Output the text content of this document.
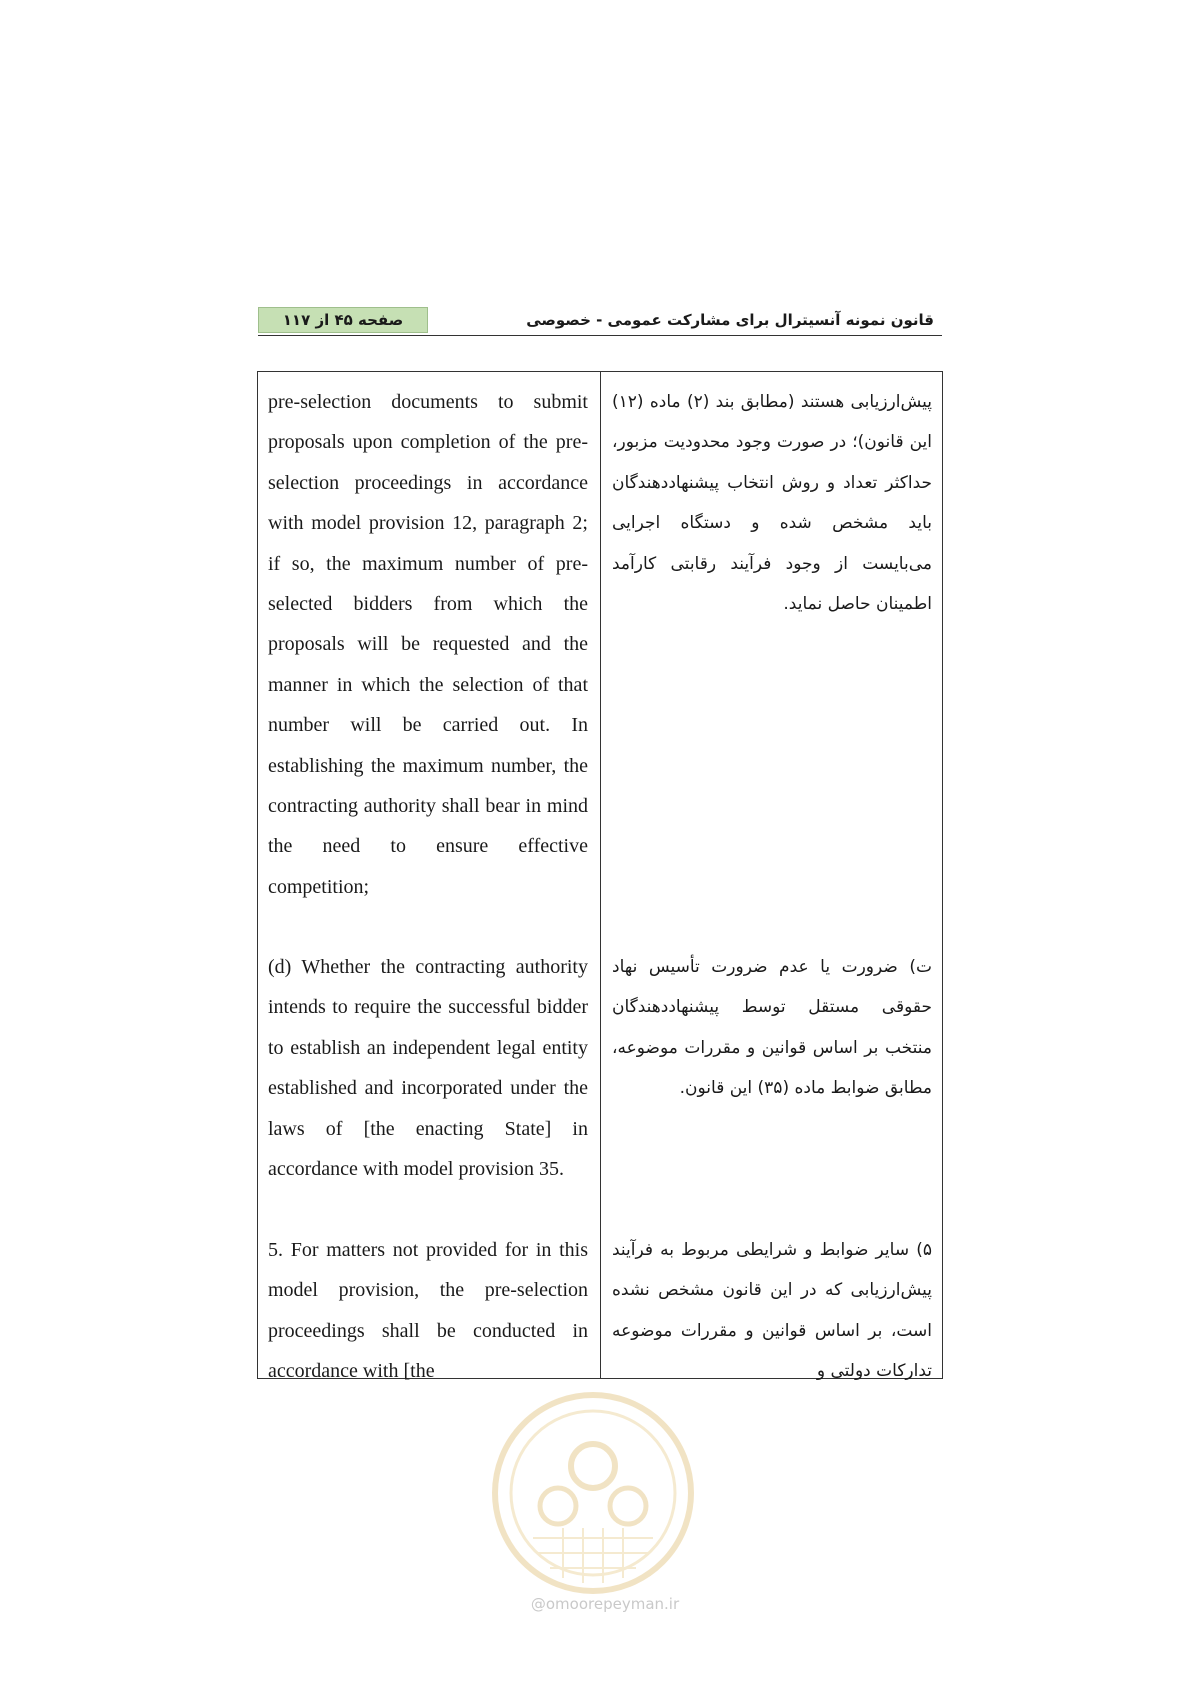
صفحه ۴۵ از ۱۱۷	قانون نمونه آنسیترال برای مشارکت عمومی - خصوصی
pre-selection documents to submit proposals upon completion of the pre-selection proceedings in accordance with model provision 12, paragraph 2; if so, the maximum number of pre-selected bidders from which the proposals will be requested and the manner in which the selection of that number will be carried out. In establishing the maximum number, the contracting authority shall bear in mind the need to ensure effective competition;
(d) Whether the contracting authority intends to require the successful bidder to establish an independent legal entity established and incorporated under the laws of [the enacting State] in accordance with model provision 35.
5. For matters not provided for in this model provision, the pre-selection proceedings shall be conducted in accordance with [the
پیش‌ارزیابی هستند (مطابق بند (۲) ماده (۱۲) این قانون)؛ در صورت وجود محدودیت مزبور، حداکثر تعداد و روش انتخاب پیشنهاددهندگان باید مشخص شده و دستگاه اجرایی می‌بایست از وجود فرآیند رقابتی کارآمد اطمینان حاصل نماید.
ت) ضرورت یا عدم ضرورت تأسیس نهاد حقوقی مستقل توسط پیشنهاددهندگان منتخب بر اساس قوانین و مقررات موضوعه، مطابق ضوابط ماده (۳۵) این قانون.
۵) سایر ضوابط و شرایطی مربوط به فرآیند پیش‌ارزیابی که در این قانون مشخص نشده است، بر اساس قوانین و مقررات موضوعه تدارکات دولتی و
@omoorepeyman.ir
